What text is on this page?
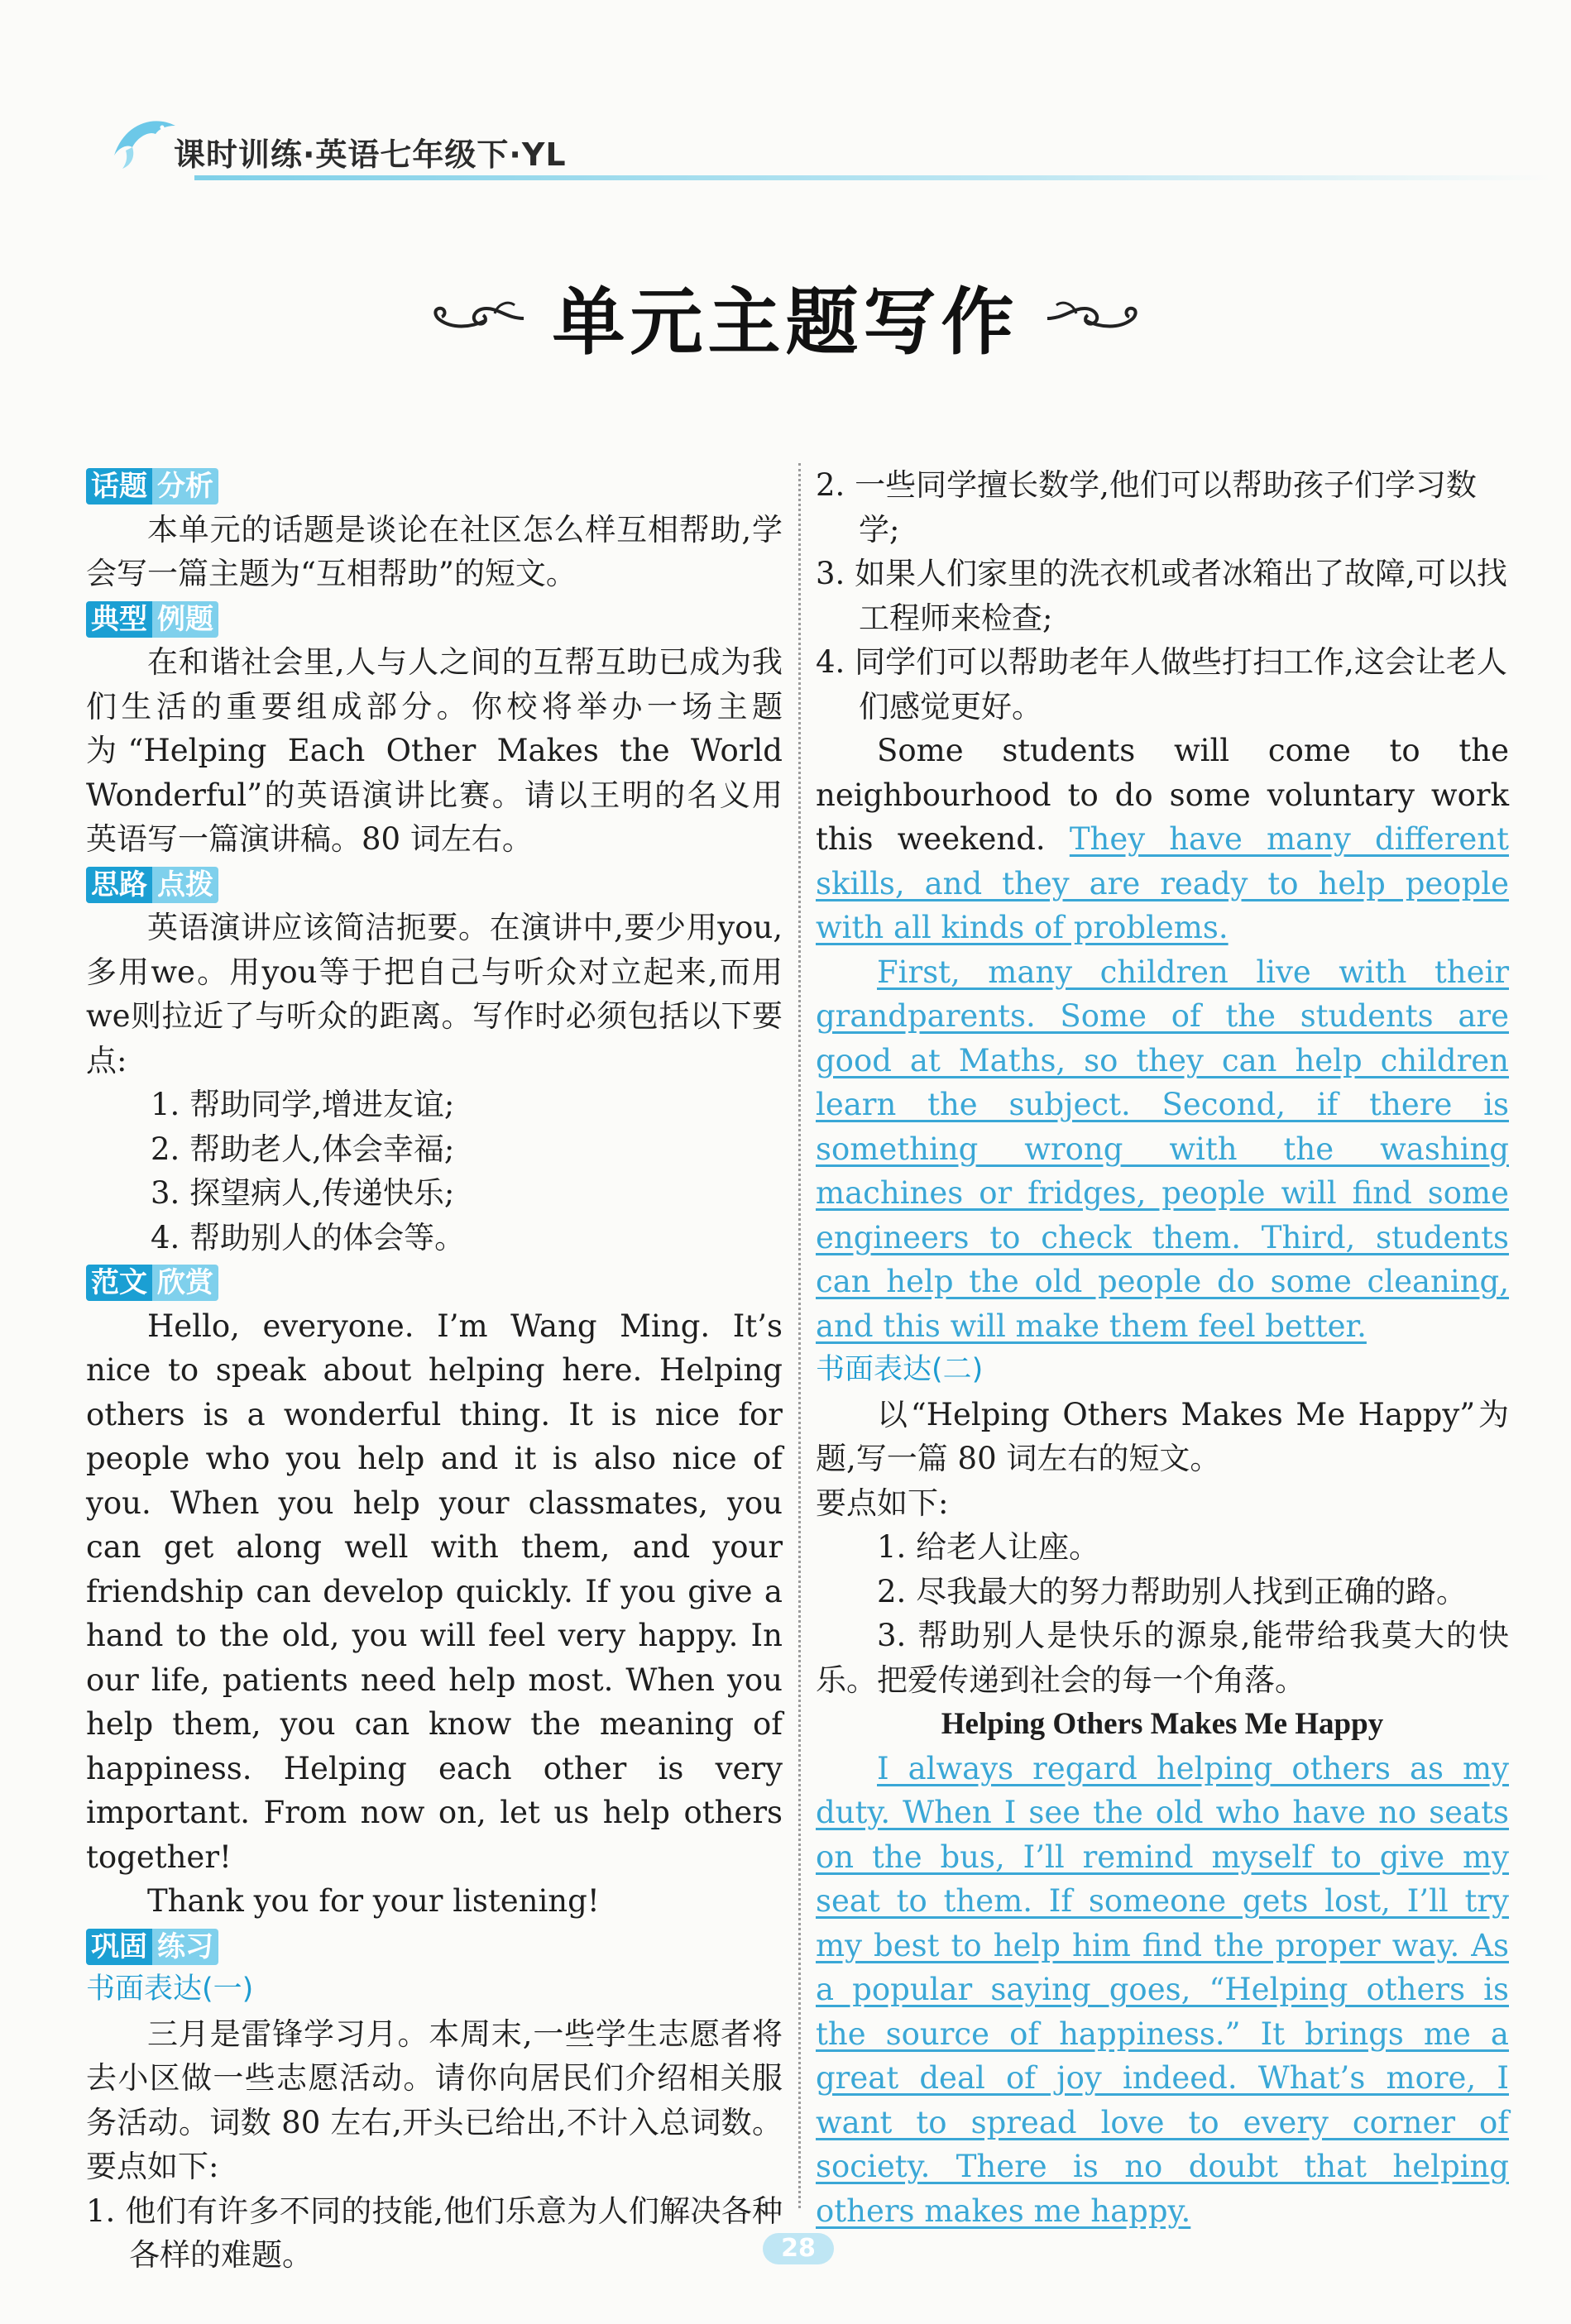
课时训练·英语七年级下·YL
单元主题写作
话题 分析

本单元的话题是谈论在社区怎么样互相帮助,学会写一篇主题为“互相帮助”的短文。

典型 例题

在和谐社会里,人与人之间的互帮互助已成为我们生活的重要组成部分。你校将举办一场主题为“Helping Each Other Makes the World Wonderful”的英语演讲比赛。请以王明的名义用英语写一篇演讲稿。80 词左右。

思路 点拨

英语演讲应该简洁扼要。在演讲中,要少用you,多用we。用you等于把自己与听众对立起来,而用we则拉近了与听众的距离。写作时必须包括以下要点:

1. 帮助同学,增进友谊;

2. 帮助老人,体会幸福;

3. 探望病人,传递快乐;

4. 帮助别人的体会等。

范文 欣赏

Hello, everyone. I’m Wang Ming. It’s nice to speak about helping here. Helping others is a wonderful thing. It is nice for people who you help and it is also nice of you. When you help your classmates, you can get along well with them, and your friendship can develop quickly. If you give a hand to the old, you will feel very happy. In our life, patients need help most. When you help them, you can know the meaning of happiness. Helping each other is very important. From now on, let us help others together!

Thank you for your listening!

巩固 练习

书面表达(一)

三月是雷锋学习月。本周末,一些学生志愿者将去小区做一些志愿活动。请你向居民们介绍相关服务活动。词数 80 左右,开头已给出,不计入总词数。要点如下:

1. 他们有许多不同的技能,他们乐意为人们解决各种各样的难题。

2. 一些同学擅长数学,他们可以帮助孩子们学习数学;

3. 如果人们家里的洗衣机或者冰箱出了故障,可以找工程师来检查;

4. 同学们可以帮助老年人做些打扫工作,这会让老人们感觉更好。

Some students will come to the neighbourhood to do some voluntary work this weekend. They have many different skills, and they are ready to help people with all kinds of problems.

First, many children live with their grandparents. Some of the students are good at Maths, so they can help children learn the subject. Second, if there is something wrong with the washing machines or fridges, people will find some engineers to check them. Third, students can help the old people do some cleaning, and this will make them feel better.

书面表达(二)

以“Helping Others Makes Me Happy”为题,写一篇 80 词左右的短文。

要点如下:

1. 给老人让座。

2. 尽我最大的努力帮助别人找到正确的路。

3. 帮助别人是快乐的源泉,能带给我莫大的快乐。把爱传递到社会的每一个角落。

Helping Others Makes Me Happy

I always regard helping others as my duty. When I see the old who have no seats on the bus, I’ll remind myself to give my seat to them. If someone gets lost, I’ll try my best to help him find the proper way. As a popular saying goes, “Helping others is the source of happiness.” It brings me a great deal of joy indeed. What’s more, I want to spread love to every corner of society. There is no doubt that helping others makes me happy.

28
